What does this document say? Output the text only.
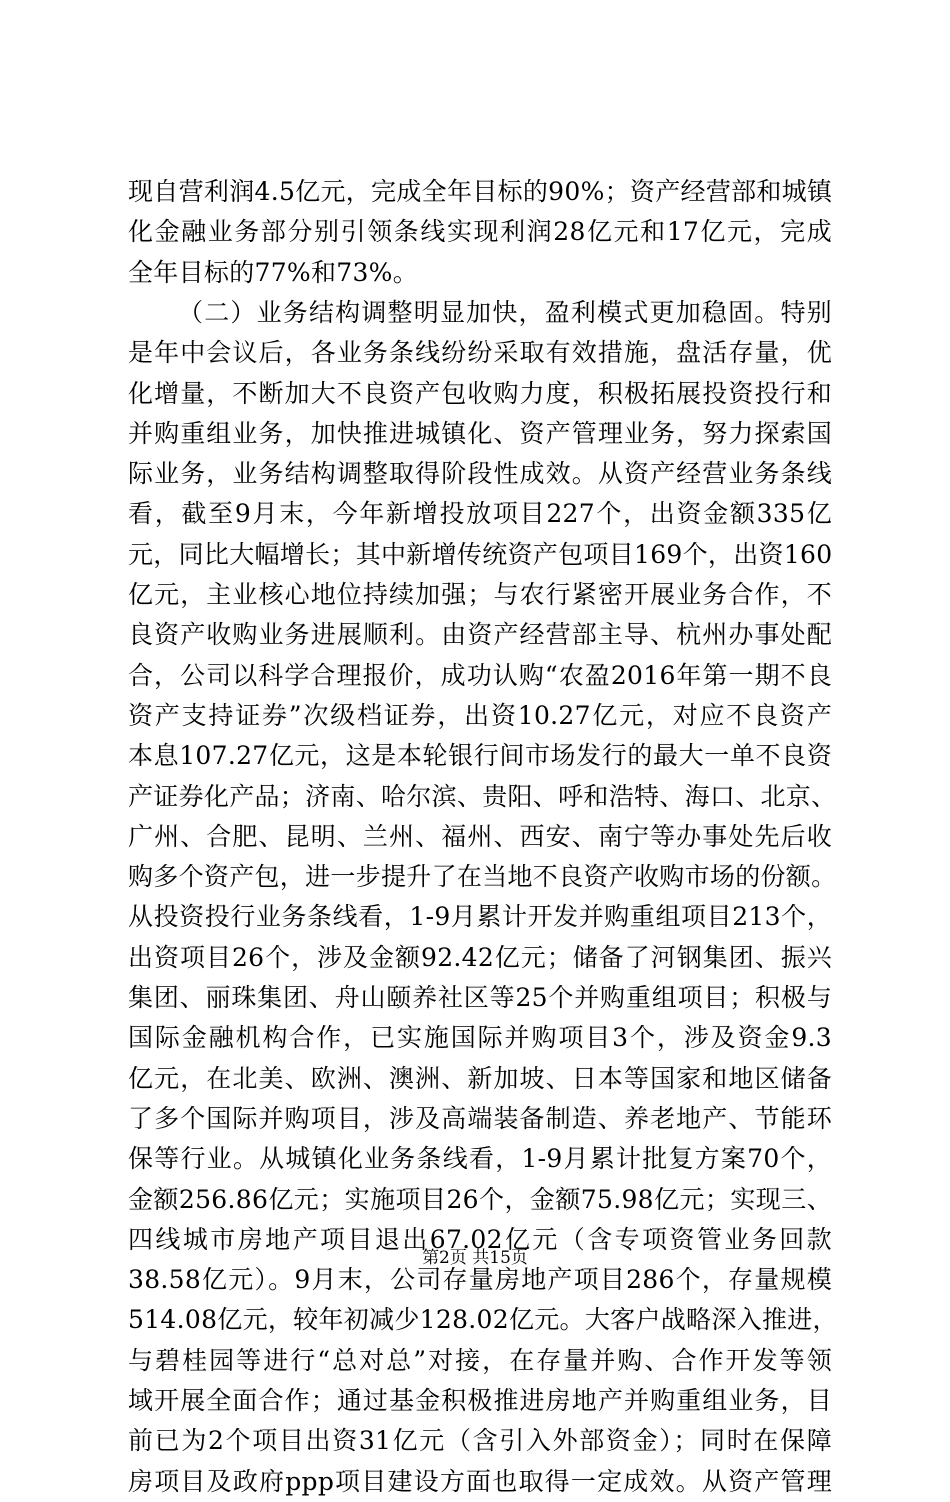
现自营利润4.5亿元，完成全年目标的90%；资产经营部和城镇
化金融业务部分别引领条线实现利润28亿元和17亿元，完成
全年目标的77%和73%。
（二）业务结构调整明显加快，盈利模式更加稳固。特别
是年中会议后，各业务条线纷纷采取有效措施，盘活存量，优
化增量，不断加大不良资产包收购力度，积极拓展投资投行和
并购重组业务，加快推进城镇化、资产管理业务，努力探索国
际业务，业务结构调整取得阶段性成效。从资产经营业务条线
看，截至9月末，今年新增投放项目227个，出资金额335亿
元，同比大幅增长；其中新增传统资产包项目169个，出资160
亿元，主业核心地位持续加强；与农行紧密开展业务合作，不
良资产收购业务进展顺利。由资产经营部主导、杭州办事处配
合，公司以科学合理报价，成功认购“农盈2016年第一期不良
资产支持证券”次级档证券，出资10.27亿元，对应不良资产
本息107.27亿元，这是本轮银行间市场发行的最大一单不良资
产证券化产品；济南、哈尔滨、贵阳、呼和浩特、海口、北京、
广州、合肥、昆明、兰州、福州、西安、南宁等办事处先后收
购多个资产包，进一步提升了在当地不良资产收购市场的份额。
从投资投行业务条线看，1-9月累计开发并购重组项目213个，
出资项目26个，涉及金额92.42亿元；储备了河钢集团、振兴
集团、丽珠集团、舟山颐养社区等25个并购重组项目；积极与
国际金融机构合作，已实施国际并购项目3个，涉及资金9.3
亿元，在北美、欧洲、澳洲、新加坡、日本等国家和地区储备
了多个国际并购项目，涉及高端装备制造、养老地产、节能环
保等行业。从城镇化业务条线看，1-9月累计批复方案70个，
金额256.86亿元；实施项目26个，金额75.98亿元；实现三、
四线城市房地产项目退出67.02亿元（含专项资管业务回款
38.58亿元）。9月末，公司存量房地产项目286个，存量规模
514.08亿元，较年初减少128.02亿元。大客户战略深入推进，
与碧桂园等进行“总对总”对接，在存量并购、合作开发等领
域开展全面合作；通过基金积极推进房地产并购重组业务，目
前已为2个项目出资31亿元（含引入外部资金）；同时在保障
房项目及政府ppp项目建设方面也取得一定成效。从资产管理
第2页 共15页
